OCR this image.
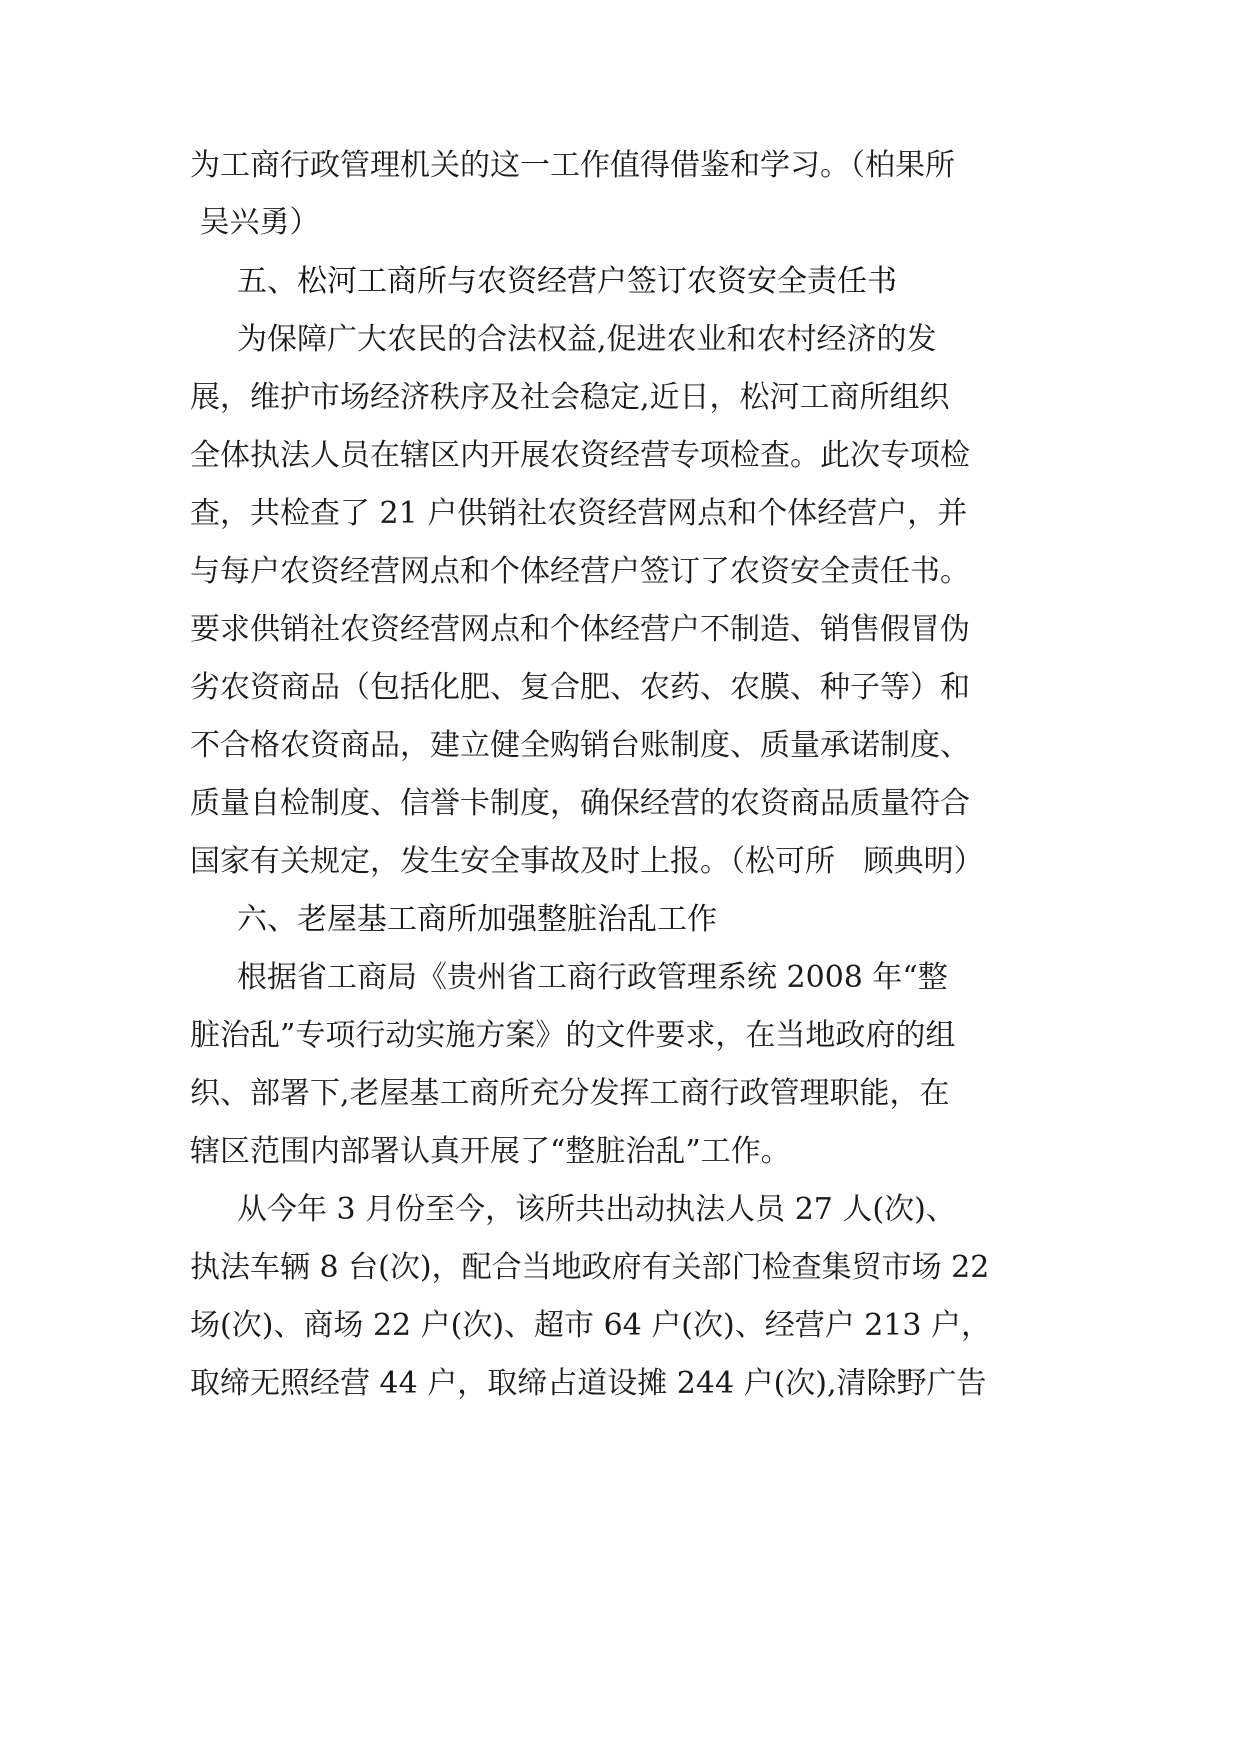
为工商行政管理机关的这一工作值得借鉴和学习。（柏果所
吴兴勇）
五、松河工商所与农资经营户签订农资安全责任书
为保障广大农民的合法权益,促进农业和农村经济的发
展，维护市场经济秩序及社会稳定,近日，松河工商所组织
全体执法人员在辖区内开展农资经营专项检查。此次专项检
查，共检查了 21 户供销社农资经营网点和个体经营户，并
与每户农资经营网点和个体经营户签订了农资安全责任书。
要求供销社农资经营网点和个体经营户不制造、销售假冒伪
劣农资商品（包括化肥、复合肥、农药、农膜、种子等）和
不合格农资商品，建立健全购销台账制度、质量承诺制度、
质量自检制度、信誉卡制度，确保经营的农资商品质量符合
国家有关规定，发生安全事故及时上报。（松可所   顾典明）
六、老屋基工商所加强整脏治乱工作
根据省工商局《贵州省工商行政管理系统 2008 年“整
脏治乱”专项行动实施方案》的文件要求，在当地政府的组
织、部署下,老屋基工商所充分发挥工商行政管理职能，在
辖区范围内部署认真开展了“整脏治乱”工作。
从今年 3 月份至今，该所共出动执法人员 27 人(次)、
执法车辆 8 台(次)，配合当地政府有关部门检查集贸市场 22
场(次)、商场 22 户(次)、超市 64 户(次)、经营户 213 户，
取缔无照经营 44 户，取缔占道设摊 244 户(次),清除野广告
